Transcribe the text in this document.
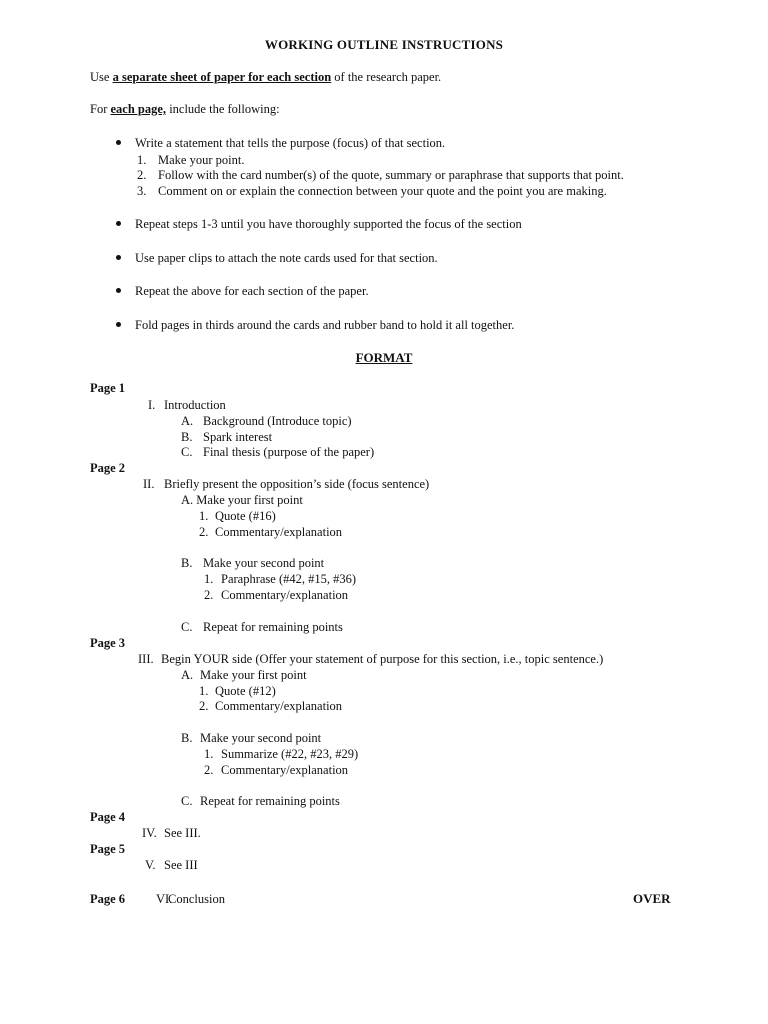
WORKING OUTLINE INSTRUCTIONS
Use a separate sheet of paper for each section of the research paper.
For each page, include the following:
Write a statement that tells the purpose (focus) of that section.
1. Make your point.
2. Follow with the card number(s) of the quote, summary or paraphrase that supports that point.
3. Comment on or explain the connection between your quote and the point you are making.
Repeat steps 1-3 until you have thoroughly supported the focus of the section
Use paper clips to attach the note cards used for that section.
Repeat the above for each section of the paper.
Fold pages in thirds around the cards and rubber band to hold it all together.
FORMAT
Page 1
I. Introduction
A. Background (Introduce topic)
B. Spark interest
C. Final thesis (purpose of the paper)
Page 2
II. Briefly present the opposition’s side (focus sentence)
A. Make your first point
1. Quote (#16)
2. Commentary/explanation
B. Make your second point
1. Paraphrase (#42, #15, #36)
2. Commentary/explanation
C. Repeat for remaining points
Page 3
III. Begin YOUR side (Offer your statement of purpose for this section, i.e., topic sentence.)
A. Make your first point
1. Quote (#12)
2. Commentary/explanation
B. Make your second point
1. Summarize (#22, #23, #29)
2. Commentary/explanation
C. Repeat for remaining points
Page 4
IV. See III.
Page 5
V. See III
Page 6 VI.
Conclusion	OVER
